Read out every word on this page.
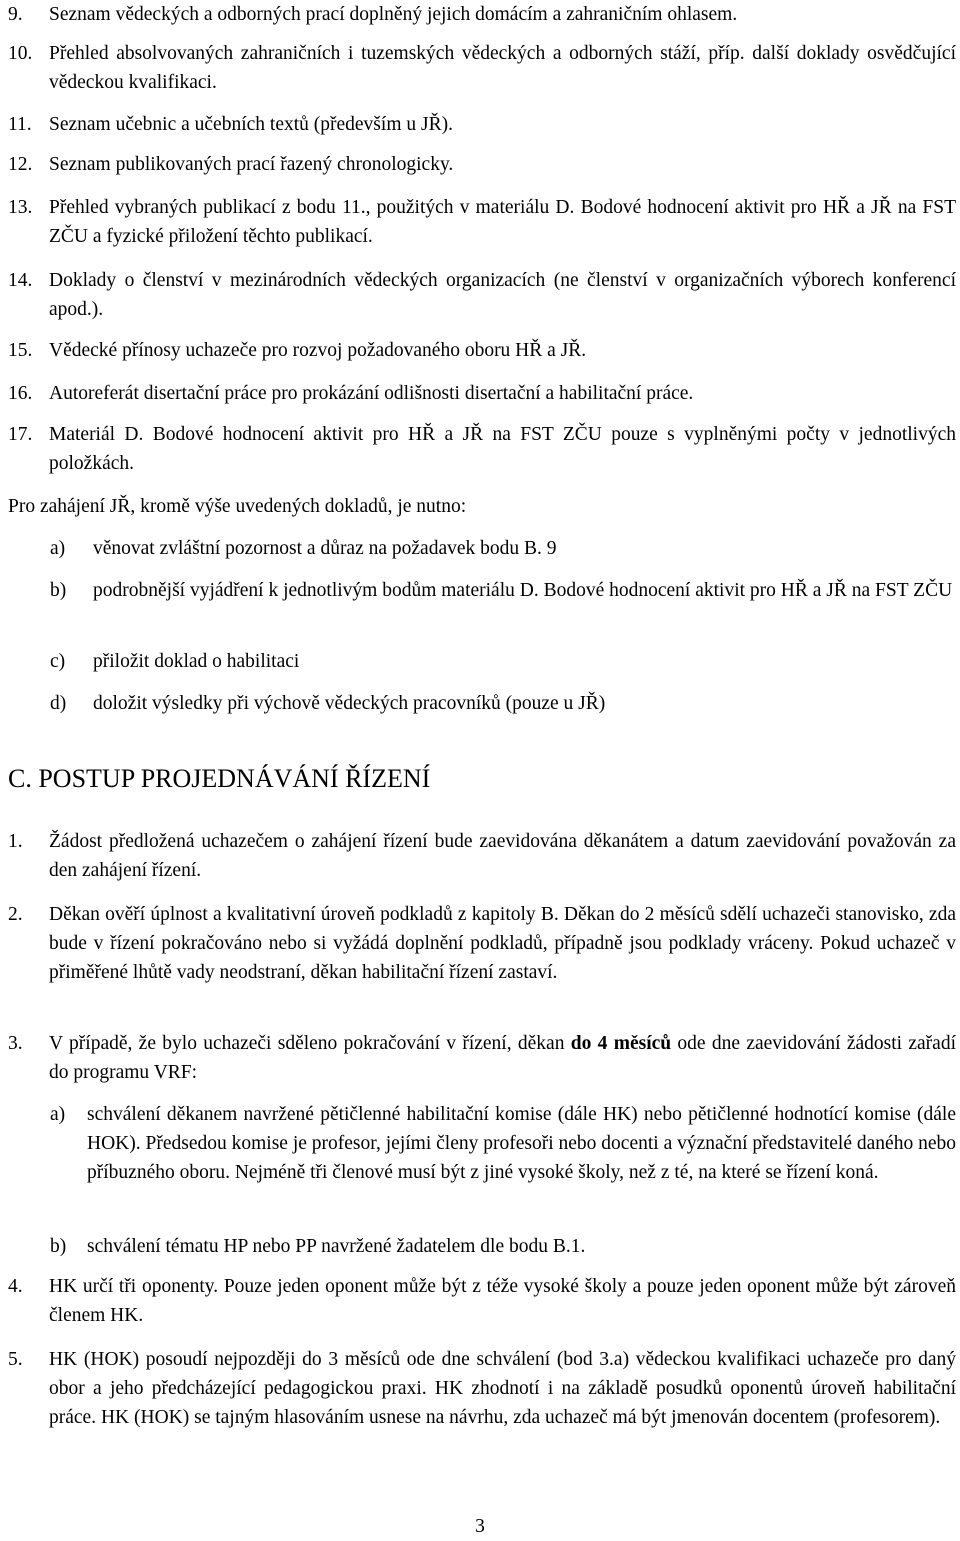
9. Seznam vědeckých a odborných prací doplněný jejich domácím a zahraničním ohlasem.
10. Přehled absolvovaných zahraničních i tuzemských vědeckých a odborných stáží, příp. další doklady osvědčující vědeckou kvalifikaci.
11. Seznam učebnic a učebních textů (především u JŘ).
12. Seznam publikovaných prací řazený chronologicky.
13. Přehled vybraných publikací z bodu 11., použitých v materiálu D. Bodové hodnocení aktivit pro HŘ a JŘ na FST ZČU a fyzické přiložení těchto publikací.
14. Doklady o členství v mezinárodních vědeckých organizacích (ne členství v organizačních výborech konferencí apod.).
15. Vědecké přínosy uchazeče pro rozvoj požadovaného oboru HŘ a JŘ.
16. Autoreferát disertační práce pro prokázání odlišnosti disertační a habilitační práce.
17. Materiál D. Bodové hodnocení aktivit pro HŘ a JŘ na FST ZČU pouze s vyplněnými počty v jednotlivých položkách.
Pro zahájení JŘ, kromě výše uvedených dokladů, je nutno:
a) věnovat zvláštní pozornost a důraz na požadavek bodu B. 9
b) podrobnější vyjádření k jednotlivým bodům materiálu D. Bodové hodnocení aktivit pro HŘ a JŘ na FST ZČU
c) přiložit doklad o habilitaci
d) doložit výsledky při výchově vědeckých pracovníků (pouze u JŘ)
C. POSTUP PROJEDNÁVÁNÍ ŘÍZENÍ
1. Žádost předložená uchazečem o zahájení řízení bude zaevidována děkanátem a datum zaevidování považován za den zahájení řízení.
2. Děkan ověří úplnost a kvalitativní úroveň podkladů z kapitoly B. Děkan do 2 měsíců sdělí uchazeči stanovisko, zda bude v řízení pokračováno nebo si vyžádá doplnění podkladů, případně jsou podklady vráceny. Pokud uchazeč v přiměřené lhůtě vady neodstraní, děkan habilitační řízení zastaví.
3. V případě, že bylo uchazeči sděleno pokračování v řízení, děkan do 4 měsíců ode dne zaevidování žádosti zařadí do programu VRF:
a) schválení děkanem navržené pětičlenné habilitační komise (dále HK) nebo pětičlenné hodnotící komise (dále HOK). Předsedou komise je profesor, jejími členy profesoři nebo docenti a význační představitelé daného nebo příbuzného oboru. Nejméně tři členové musí být z jiné vysoké školy, než z té, na které se řízení koná.
b) schválení tématu HP nebo PP navržené žadatelem dle bodu B.1.
4. HK určí tři oponenty. Pouze jeden oponent může být z téže vysoké školy a pouze jeden oponent může být zároveň členem HK.
5. HK (HOK) posoudí nejpozději do 3 měsíců ode dne schválení (bod 3.a) vědeckou kvalifikaci uchazeče pro daný obor a jeho předcházející pedagogickou praxi. HK zhodnotí i na základě posudků oponentů úroveň habilitační práce. HK (HOK) se tajným hlasováním usnese na návrhu, zda uchazeč má být jmenován docentem (profesorem).
3
